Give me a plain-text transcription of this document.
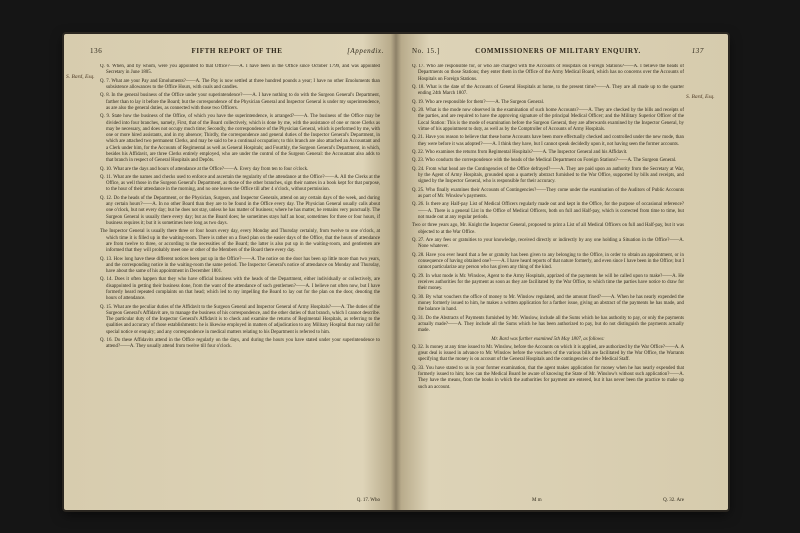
136	FIFTH REPORT OF THE	[Appendix.
S. Bard, Esq.

Q. 6. When, and by whom, were you appointed to that Office?——A. I have been in the Office since October 1799, and was appointed Secretary in June 1805.

Q. 7. What are your Pay and Emoluments?——A. The Pay is now settled at three hundred pounds a year; I have no other Emoluments than subsistence allowances to the Office Hours, with coals and candles.

Q. 8. In the general business of the Office under your superintendence?——A. I have nothing to do with the Surgeon General's Department, farther than to lay it before the Board; but the correspondence of the Physician General and Inspector General is under my superintendence, as are also the general duties, as connected with those two Officers.

Q. 9. State how the business of the Office, of which you have the superintendence, is arranged?——A. The business of the Office may be divided into four branches, namely, First, that of the Board collectively, which is done by me, with the assistance of one or more Clerks as may be necessary, and does not occupy much time; Secondly, the correspondence of the Physician General, which is performed by me, with one or more hired assistants, and in my absence; Thirdly, the correspondence and general duties of the Inspector General's Department, in which are attached two permanent Clerks, and may be said to be a continual occupation; to this branch are also attached an Accountant and a Clerk under him, for the Accounts of Regimental as well as General Hospitals; and Fourthly, the Surgeon General's Department, in which, besides his Affidavit, are three Clerks entirely employed, who are under the control of the Surgeon General: the Accountant also adds to that branch in respect of General Hospitals and Depôts.

Q. 10. What are the days and hours of attendance at the Office?——A. Every day from ten to four o'clock.

Q. 11. What are the names and checks used to enforce and ascertain the regularity of the attendance at the Office?——A. All the Clerks at the Office, as well those in the Surgeon General's Department, as those of the other branches, sign their names in a book kept for that purpose, to the hour of their attendance in the morning, and no one leaves the Office till after 4 o'clock, without permission.

Q. 12. Do the heads of the Department, or the Physician, Surgeon, and Inspector Generals, attend on any certain days of the week, and during any certain hours?——A. In no other Board than they are to be found in the Office every day. The Physician General usually calls about one o'clock, but not every day; but he does not stay, unless he has matter of business; where he has matter, he remains very punctually. The Surgeon General is usually there every day; but as the Board does; he sometimes stays half an hour, sometimes for three or four hours, if business requires it; but it is sometimes here long as two days.

The Inspector General is usually there three or four hours every day, every Monday and Thursday certainly, from twelve to one o'clock, at which time it is filled up in the waiting-room. There is rather on a fixed plan on the easier days of the Office, that the hours of attendance are from twelve to three, or according to the necessities of the Board; the latter is also put up in the waiting-room, and gentlemen are informed that they will probably meet one or other of the Members of the Board there every day.

Q. 13. How long have these different notices been put up in the Office?——A. The notice on the door has been up little more than two years, and the corresponding notice in the waiting-room the same period. The Inspector General's notice of attendance on Monday and Thursday, have about the same of his appointment in December 1801.

Q. 14. Does it often happen that they who have official business with the heads of the Department, either individually or collectively, are disappointed in getting their business done, from the want of the attendance of such gentlemen?——A. I believe not often now, but I have formerly heard repeated complaints on that head; which led to my impelling the Board to lay out for the plan on the door, denoting the hours of attendance.

Q. 15. What are the peculiar duties of the Affidavit to the Surgeon General and Inspector General of Army Hospitals?——A. The duties of the Surgeon General's Affidavit are, to manage the business of his correspondence, and the other duties of that branch, which I cannot describe. The particular duty of the Inspector General's Affidavit is to check and examine the returns of Regimental Hospitals, as referring to the qualities and accuracy of those establishments: he is likewise employed in matters of adjudication to any Military Hospital that may call for special notice or enquiry; and any correspondence in medical matters relating to his Department is referred to him.

Q. 16. Do these Affidavits attend in the Office regularly on the days, and during the hours you have stated under your superintendence to attend?——A. They usually attend from twelve till four o'clock.

Q. 17. Who
No. 15.]	COMMISSIONERS OF MILITARY ENQUIRY.	137
S. Bard, Esq.

Q. 17. Who are responsible for, or who are charged with the Accounts of Hospitals on Foreign Stations?——A. I believe the heads of Departments on those Stations; they enter them in the Office of the Army Medical Board, which has no concerns over the Accounts of Hospitals on Foreign Stations.

Q. 18. What is the date of the Accounts of General Hospitals at home, to the present time?——A. They are all made up to the quarter ending 24th March 1807.

Q. 19. Who are responsible for them?——A. The Surgeon General.

Q. 20. What is the mode now observed in the examination of such home Accounts?——A. They are checked by the bills and receipts of the parties, and are required to have the approving signature of the principal Medical Officer; and the Military Superior Officer of the Local Station: This is the mode of examination before the Surgeon General, they are afterwards examined by the Inspector General, by virtue of his appointment to duty, as well as by the Comptroller of Accounts of Army Hospitals.

Q. 21. Have you reason to believe that these home Accounts have been more effectually checked and controlled under the new mode, than they were before it was adopted?——A. I think they have, but I cannot speak decidedly upon it, not having seen the former accounts.

Q. 22. Who examines the returns from Regimental Hospitals?——A. The Inspector General and his Affidavit.

Q. 23. Who conducts the correspondence with the heads of the Medical Department on Foreign Stations?——A. The Surgeon General.

Q. 24. From what head are the Contingencies of the Office defrayed?——A. They are paid upon an authority from the Secretary at War, by the Agent of Army Hospitals, grounded upon a quarterly abstract furnished to the War Office, supported by bills and receipts, and signed by the Inspector General, who is responsible for their accuracy.

Q. 25. Who finally examines their Accounts of Contingencies?——They come under the examination of the Auditors of Public Accounts as part of Mr. Winslow's payments.

Q. 26. Is there any Half-pay List of Medical Officers regularly made out and kept in the Office, for the purpose of occasional reference?——A. There is a general List in the Office of Medical Officers, both on full and Half-pay, which is corrected from time to time, but not made out at any regular periods.

Two or three years ago, Mr. Knight the Inspector General, proposed to print a List of all Medical Officers on full and Half-pay, but it was objected to at the War Office.

Q. 27. Are any fees or gratuities to your knowledge, received directly or indirectly by any one holding a Situation in the Office?——A. None whatever.

Q. 28. Have you ever heard that a fee or gratuity has been given to any belonging to the Office, in order to obtain an appointment, or in consequence of having obtained one?——A. I have heard reports of that nature formerly, and even since I have been in the Office; but I cannot particularize any person who has given any thing of the kind.

Q. 29. In what mode is Mr. Winslow, Agent to the Army Hospitals, apprized of the payments he will be called upon to make?——A. He receives authorities for the payment as soon as they are facilitated by the War Office, to which time the parties have notice to draw for their money.

Q. 30. By what vouchers the office of money to Mr. Winslow regulated, and the amount fixed?——A. When he has nearly expended the money formerly issued to him, he makes a written application for a farther issue, giving an abstract of the payments he has made, and the balance in hand.

Q. 31. Do the Abstracts of Payments furnished by Mr. Winslow, include all the Sums which he has authority to pay, or only the payments actually made?——A. They include all the Sums which he has been authorized to pay, but do not distinguish the payments actually made.

Mr. Bard was further examined 5th May 1807, as follows:

Q. 32. Is money at any time issued to Mr. Winslow, before the Accounts on which it is applied, are authorized by the War Office?——A. A great deal is issued in advance to Mr. Winslow before the vouchers of the various bills are facilitated by the War Office, the Warrants specifying that the money is on account of the General Hospitals and the contingencies of the Medical Staff.

Q. 33. You have stated to us in your former examination, that the agent makes application for money when he has nearly expended that formerly issued to him; how can the Medical Board be aware of knowing the State of Mr. Winslow's without such application?——A. They have the means, from the books in which the authorities for payment are entered, but it has never been the practice to make up such an account.

M m	Q. 32. Are
